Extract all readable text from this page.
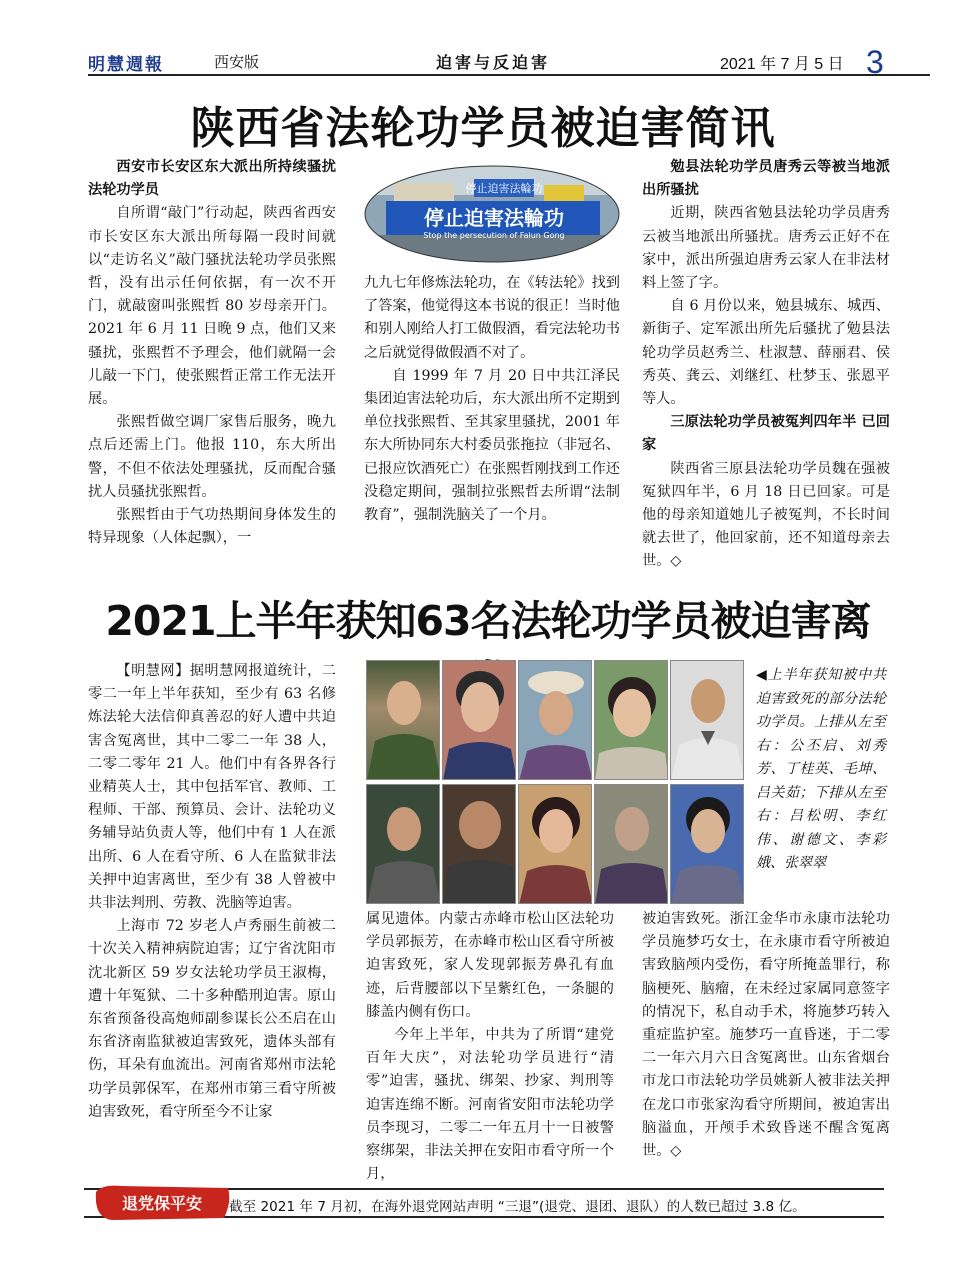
明慧週報	西安版	迫害与反迫害	2021 年 7 月 5 日 3
陕西省法轮功学员被迫害简讯
西安市长安区东大派出所持续骚扰法轮功学员

自所谓“敲门”行动起，陕西省西安市长安区东大派出所每隔一段时间就以“走访名义”敲门骚扰法轮功学员张熙哲，没有出示任何依据，有一次不开门，就敲窗叫张熙哲 80 岁母亲开门。2021 年 6 月 11 日晚 9 点，他们又来骚扰，张熙哲不予理会，他们就隔一会儿敲一下门，使张熙哲正常工作无法开展。

张熙哲做空调厂家售后服务，晚九点后还需上门。他报 110，东大所出警，不但不依法处理骚扰，反而配合骚扰人员骚扰张熙哲。

张熙哲由于气功热期间身体发生的特异现象（人体起飘），一

停止迫害法輪功
停止迫害法輪功
Stop the persecution of Falun Gong

九九七年修炼法轮功，在《转法轮》找到了答案，他觉得这本书说的很正！当时他和别人刚给人打工做假酒，看完法轮功书之后就觉得做假酒不对了。

自 1999 年 7 月 20 日中共江泽民集团迫害法轮功后，东大派出所不定期到单位找张熙哲、至其家里骚扰，2001 年东大所协同东大村委员张拖拉（非冠名、已报应饮酒死亡）在张熙哲刚找到工作还没稳定期间，强制拉张熙哲去所谓“法制教育”，强制洗脑关了一个月。

勉县法轮功学员唐秀云等被当地派出所骚扰

近期，陕西省勉县法轮功学员唐秀云被当地派出所骚扰。唐秀云正好不在家中，派出所强迫唐秀云家人在非法材料上签了字。

自 6 月份以来，勉县城东、城西、新街子、定军派出所先后骚扰了勉县法轮功学员赵秀兰、杜淑慧、薛丽君、侯秀英、龚云、刘继红、杜梦玉、张恩平等人。

三原法轮功学员被冤判四年半 已回家

陕西省三原县法轮功学员魏在强被冤狱四年半，6 月 18 日已回家。可是他的母亲知道她儿子被冤判，不长时间就去世了，他回家前，还不知道母亲去世。◇

2021上半年获知63名法轮功学员被迫害离

【明慧网】据明慧网报道统计，二零二一年上半年获知，至少有 63 名修炼法轮大法信仰真善忍的好人遭中共迫害含冤离世，其中二零二一年 38 人，二零二零年 21 人。他们中有各界各行业精英人士，其中包括军官、教师、工程师、干部、预算员、会计、法轮功义务辅导站负责人等，他们中有 1 人在派出所、6 人在看守所、6 人在监狱非法关押中迫害离世，至少有 38 人曾被中共非法判刑、劳教、洗脑等迫害。

上海市 72 岁老人卢秀丽生前被二十次关入精神病院迫害；辽宁省沈阳市沈北新区 59 岁女法轮功学员王淑梅，遭十年冤狱、二十多种酷刑迫害。原山东省预备役高炮师副参谋长公丕启在山东省济南监狱被迫害致死，遗体头部有伤，耳朵有血流出。河南省郑州市法轮功学员郭保军，在郑州市第三看守所被迫害致死，看守所至今不让家

◀上半年获知被中共迫害致死的部分法轮功学员。上排从左至右：公丕启、刘秀芳、丁桂英、毛坤、吕关茹；下排从左至右：吕松明、李红伟、谢德文、李彩娥、张翠翠

属见遗体。内蒙古赤峰市松山区法轮功学员郭振芳，在赤峰市松山区看守所被迫害致死，家人发现郭振芳鼻孔有血迹，后背腰部以下呈紫红色，一条腿的膝盖内侧有伤口。

今年上半年，中共为了所谓“建党百年大庆”，对法轮功学员进行“清零”迫害，骚扰、绑架、抄家、判刑等迫害连绵不断。河南省安阳市法轮功学员李现习，二零二一年五月十一日被警察绑架，非法关押在安阳市看守所一个月，

被迫害致死。浙江金华市永康市法轮功学员施梦巧女士，在永康市看守所被迫害致脑颅内受伤，看守所掩盖罪行，称脑梗死、脑瘤，在未经过家属同意签字的情况下，私自动手术，将施梦巧转入重症监护室。施梦巧一直昏迷，于二零二一年六月六日含冤离世。山东省烟台市龙口市法轮功学员姚新人被非法关押在龙口市张家沟看守所期间，被迫害出脑溢血，开颅手术致昏迷不醒含冤离世。◇

退党保平安 截至 2021 年 7 月初，在海外退党网站声明 “三退”(退党、退团、退队）的人数已超过 3.8 亿。
